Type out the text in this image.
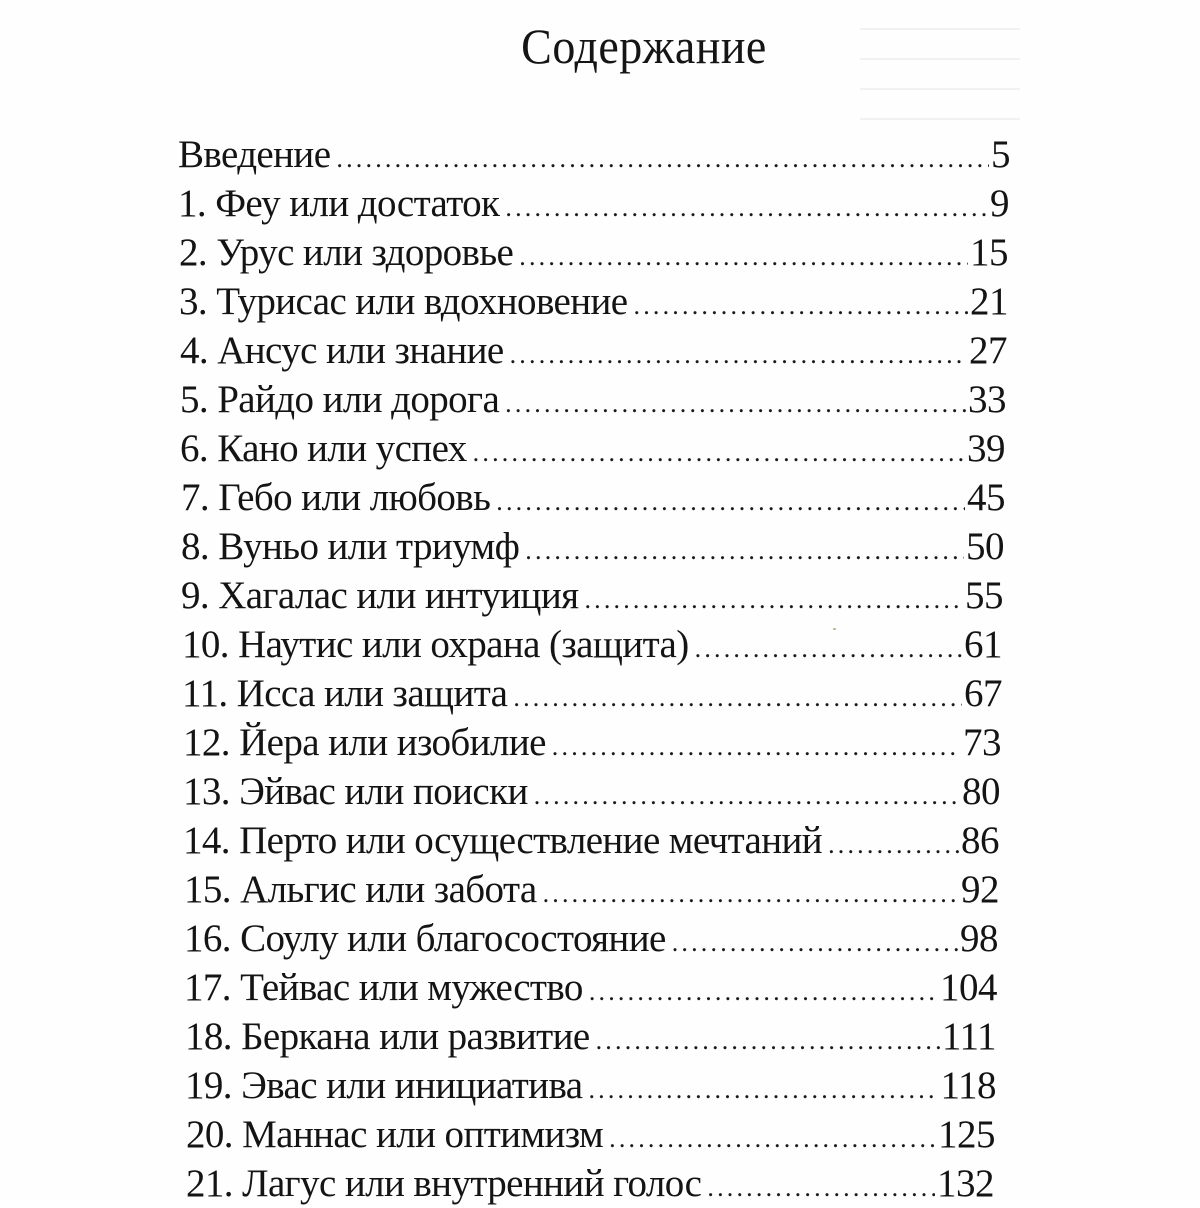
Содержание
Введение .....	5
1. Феу или достаток .....	9
2. Урус или здоровье .....	15
3. Турисас или вдохновение .....	21
4. Ансус или знание .....	27
5. Райдо или дорога .....	33
6. Кано или успех .....	39
7. Гебо или любовь .....	45
8. Вуньо или триумф .....	50
9. Хагалас или интуиция .....	55
10. Наутис или охрана (защита) .....	61
11. Исса или защита .....	67
12. Йера или изобилие .....	73
13. Эйвас или поиски .....	80
14. Перто или осуществление мечтаний .....	86
15. Альгис или забота .....	92
16. Соулу или благосостояние .....	98
17. Тейвас или мужество .....	104
18. Беркана или развитие .....	111
19. Эвас или инициатива .....	118
20. Маннас или оптимизм .....	125
21. Лагус или внутренний голос .....	132
